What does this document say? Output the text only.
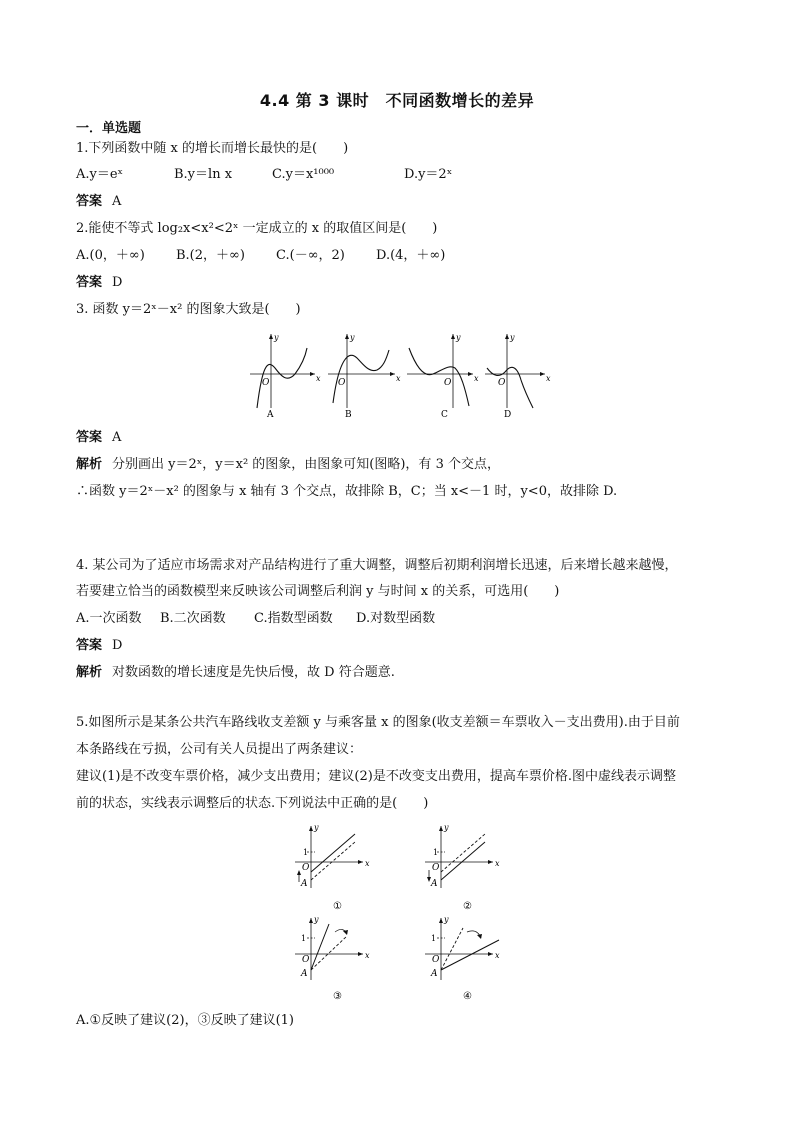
4.4 第 3 课时　不同函数增长的差异
一．单选题
1.下列函数中随 x 的增长而增长最快的是(　　)
A.y＝eˣ	B.y＝ln x	C.y＝x¹⁰⁰⁰	D.y＝2ˣ
答案 A
2.能使不等式 log₂x<x²<2ˣ 一定成立的 x 的取值区间是(　　)
A.(0，＋∞) B.(2，＋∞) C.(－∞，2) D.(4，＋∞)
答案 D
3. 函数 y＝2ˣ－x² 的图象大致是(　　)
y
x
O
A
y
x
O
B
y
x
O
C
y
x
O
D
答案 A
解析 分别画出 y＝2ˣ，y＝x² 的图象，由图象可知(图略)，有 3 个交点，
∴函数 y＝2ˣ－x² 的图象与 x 轴有 3 个交点，故排除 B，C；当 x<－1 时，y<0，故排除 D.
4. 某公司为了适应市场需求对产品结构进行了重大调整，调整后初期利润增长迅速，后来增长越来越慢，
若要建立恰当的函数模型来反映该公司调整后利润 y 与时间 x 的关系，可选用(　　)
A.一次函数 B.二次函数 C.指数型函数 D.对数型函数
答案 D
解析 对数函数的增长速度是先快后慢，故 D 符合题意.
5.如图所示是某条公共汽车路线收支差额 y 与乘客量 x 的图象(收支差额＝车票收入－支出费用).由于目前
本条路线在亏损，公司有关人员提出了两条建议：
建议(1)是不改变车票价格，减少支出费用；建议(2)是不改变支出费用，提高车票价格.图中虚线表示调整
前的状态，实线表示调整后的状态.下列说法中正确的是(　　)
y
x
O
1
A
①
y
x
O
1
A
②
y
x
O
1
A
③
y
x
O
1
A
④
A.①反映了建议(2)，③反映了建议(1)
